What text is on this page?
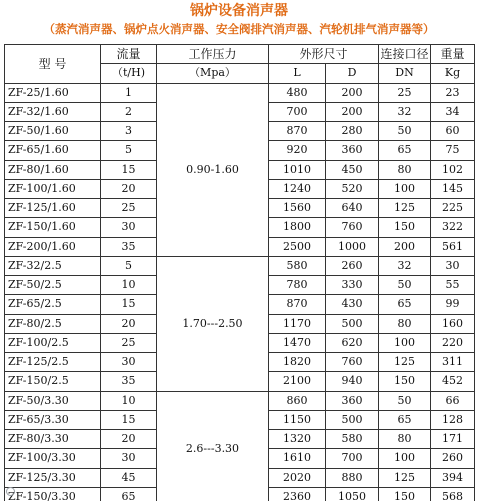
锅炉设备消声器
（蒸汽消声器、锅炉点火消声器、安全阀排汽消声器、汽轮机排气消声器等）
型 号	流量	工作压力	外形尺寸		连接口径	重量
	（t/H)	（Mpa）	L	D	DN	Kg
ZF-25/1.60	1	0.90-1.60	480	200	25	23
ZF-32/1.60	2		700	200	32	34
ZF-50/1.60	3		870	280	50	60
ZF-65/1.60	5		920	360	65	75
ZF-80/1.60	15		1010	450	80	102
ZF-100/1.60	20		1240	520	100	145
ZF-125/1.60	25		1560	640	125	225
ZF-150/1.60	30		1800	760	150	322
ZF-200/1.60	35		2500	1000	200	561
ZF-32/2.5	5	1.70---2.50	580	260	32	30
ZF-50/2.5	10		780	330	50	55
ZF-65/2.5	15		870	430	65	99
ZF-80/2.5	20		1170	500	80	160
ZF-100/2.5	25		1470	620	100	220
ZF-125/2.5	30		1820	760	125	311
ZF-150/2.5	35		2100	940	150	452
ZF-50/3.30	10	2.6---3.30	860	360	50	66
ZF-65/3.30	15		1150	500	65	128
ZF-80/3.30	20		1320	580	80	171
ZF-100/3.30	30		1610	700	100	260
ZF-125/3.30	45		2020	880	125	394
ZF-150/3.30	65		2360	1050	150	568
